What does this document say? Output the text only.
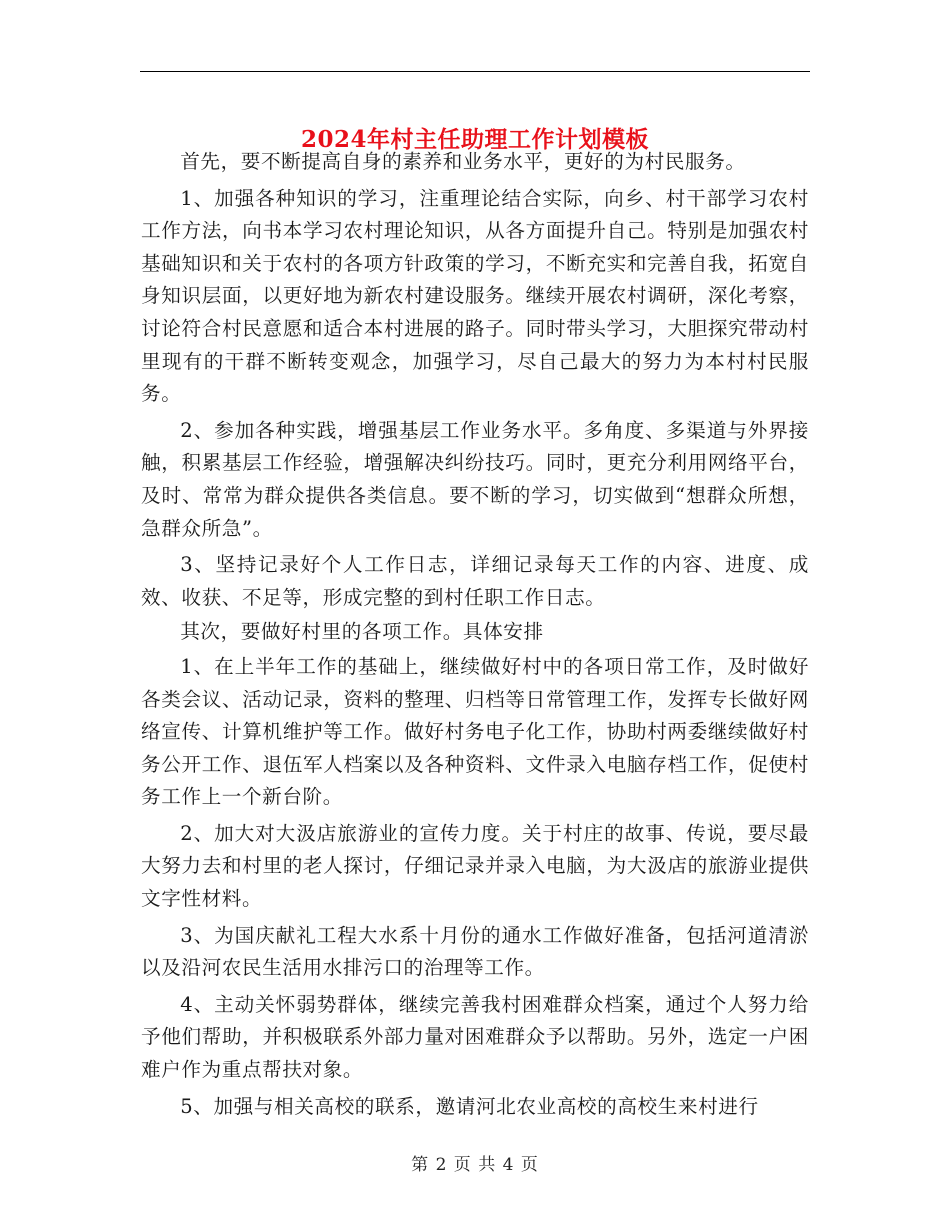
2024年村主任助理工作计划模板

首先，要不断提高自身的素养和业务水平，更好的为村民服务。

1、加强各种知识的学习，注重理论结合实际，向乡、村干部学习农村工作方法，向书本学习农村理论知识，从各方面提升自己。特别是加强农村基础知识和关于农村的各项方针政策的学习，不断充实和完善自我，拓宽自身知识层面，以更好地为新农村建设服务。继续开展农村调研，深化考察，讨论符合村民意愿和适合本村进展的路子。同时带头学习，大胆探究带动村里现有的干群不断转变观念，加强学习，尽自己最大的努力为本村村民服务。

2、参加各种实践，增强基层工作业务水平。多角度、多渠道与外界接触，积累基层工作经验，增强解决纠纷技巧。同时，更充分利用网络平台，及时、常常为群众提供各类信息。要不断的学习，切实做到“想群众所想，急群众所急”。

3、坚持记录好个人工作日志，详细记录每天工作的内容、进度、成效、收获、不足等，形成完整的到村任职工作日志。

其次，要做好村里的各项工作。具体安排

1、在上半年工作的基础上，继续做好村中的各项日常工作，及时做好各类会议、活动记录，资料的整理、归档等日常管理工作，发挥专长做好网络宣传、计算机维护等工作。做好村务电子化工作，协助村两委继续做好村务公开工作、退伍军人档案以及各种资料、文件录入电脑存档工作，促使村务工作上一个新台阶。

2、加大对大汲店旅游业的宣传力度。关于村庄的故事、传说，要尽最大努力去和村里的老人探讨，仔细记录并录入电脑，为大汲店的旅游业提供文字性材料。

3、为国庆献礼工程大水系十月份的通水工作做好准备，包括河道清淤以及沿河农民生活用水排污口的治理等工作。

4、主动关怀弱势群体，继续完善我村困难群众档案，通过个人努力给予他们帮助，并积极联系外部力量对困难群众予以帮助。另外，选定一户困难户作为重点帮扶对象。

5、加强与相关高校的联系，邀请河北农业高校的高校生来村进行

第 2 页 共 4 页
